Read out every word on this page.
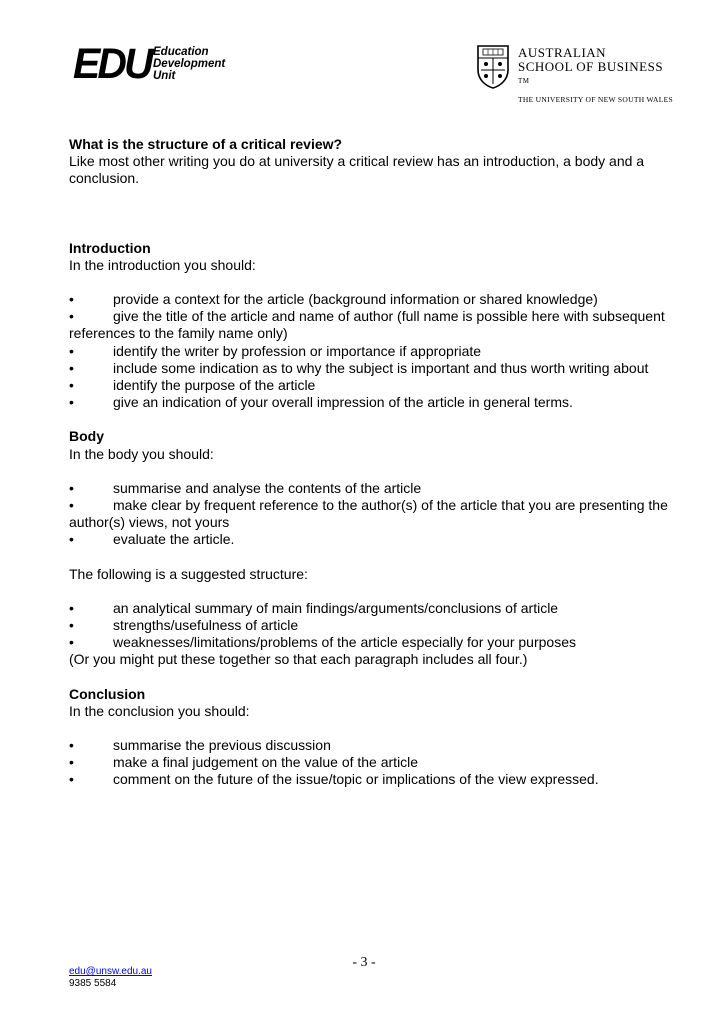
EDU Education
Development
Unit
AUSTRALIAN
SCHOOL OF BUSINESS ™
THE UNIVERSITY OF NEW SOUTH WALES

What is the structure of a critical review?

Like most other writing you do at university a critical review has an introduction, a body and a conclusion.

Introduction

In the introduction you should:

•	provide a context for the article (background information or shared knowledge)
•	give the title of the article and name of author (full name is possible here with subsequent references to the family name only)
•	identify the writer by profession or importance if appropriate
•	include some indication as to why the subject is important and thus worth writing about
•	identify the purpose of the article
•	give an indication of your overall impression of the article in general terms.

Body

In the body you should:

•	summarise and analyse the contents of the article
•	make clear by frequent reference to the author(s) of the article that you are presenting the author(s) views, not yours
•	evaluate the article.

The following is a suggested structure:

•	an analytical summary of main findings/arguments/conclusions of article
•	strengths/usefulness of article
•	weaknesses/limitations/problems of the article especially for your purposes

(Or you might put these together so that each paragraph includes all four.)

Conclusion

In the conclusion you should:

•	summarise the previous discussion
•	make a final judgement on the value of the article
•	comment on the future of the issue/topic or implications of the view expressed.
- 3 -
edu@unsw.edu.au
9385 5584
